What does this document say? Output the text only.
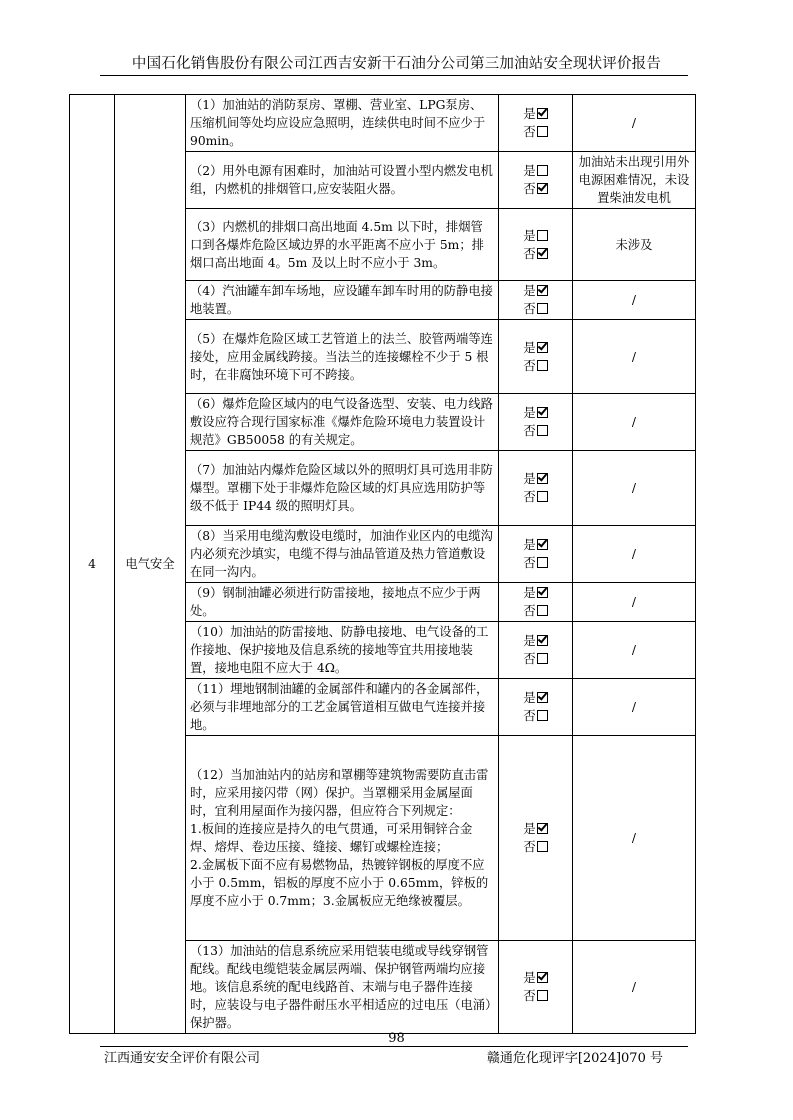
中国石化销售股份有限公司江西吉安新干石油分公司第三加油站安全现状评价报告
4	电气安全	（1）加油站的消防泵房、罩棚、营业室、LPG泵房、压缩机间等处均应设应急照明，连续供电时间不应少于 90min。	是
否	/
		（2）用外电源有困难时，加油站可设置小型内燃发电机组，内燃机的排烟管口,应安装阻火器。	是
否	加油站未出现引用外电源困难情况，未设置柴油发电机
		（3）内燃机的排烟口高出地面 4.5m 以下时，排烟管口到各爆炸危险区域边界的水平距离不应小于 5m；排烟口高出地面 4。5m 及以上时不应小于 3m。	是
否	未涉及
		（4）汽油罐车卸车场地，应设罐车卸车时用的防静电接地装置。	是
否	/
		（5）在爆炸危险区域工艺管道上的法兰、胶管两端等连接处，应用金属线跨接。当法兰的连接螺栓不少于 5 根时，在非腐蚀环境下可不跨接。	是
否	/
		（6）爆炸危险区域内的电气设备选型、安装、电力线路敷设应符合现行国家标准《爆炸危险环境电力装置设计规范》GB50058 的有关规定。	是
否	/
		（7）加油站内爆炸危险区域以外的照明灯具可选用非防爆型。罩棚下处于非爆炸危险区域的灯具应选用防护等级不低于 IP44 级的照明灯具。	是
否	/
		（8）当采用电缆沟敷设电缆时，加油作业区内的电缆沟内必须充沙填实，电缆不得与油品管道及热力管道敷设在同一沟内。	是
否	/
		（9）钢制油罐必须进行防雷接地，接地点不应少于两处。	是
否	/
		（10）加油站的防雷接地、防静电接地、电气设备的工作接地、保护接地及信息系统的接地等宜共用接地装置，接地电阻不应大于 4Ω。	是
否	/
		（11）埋地钢制油罐的金属部件和罐内的各金属部件，必须与非埋地部分的工艺金属管道相互做电气连接并接地。	是
否	/
		（12）当加油站内的站房和罩棚等建筑物需要防直击雷时，应采用接闪带（网）保护。当罩棚采用金属屋面时，宜利用屋面作为接闪器，但应符合下列规定：
1.板间的连接应是持久的电气贯通，可采用铜锌合金焊、熔焊、卷边压接、缝接、螺钉或螺栓连接；
2.金属板下面不应有易燃物品，热镀锌钢板的厚度不应小于 0.5mm，铝板的厚度不应小于 0.65mm，锌板的厚度不应小于 0.7mm；3.金属板应无绝缘被覆层。	是
否	/
		（13）加油站的信息系统应采用铠装电缆或导线穿钢管配线。配线电缆铠装金属层两端、保护钢管两端均应接地。该信息系统的配电线路首、末端与电子器件连接时，应装设与电子器件耐压水平相适应的过电压（电涌）保护器。	是
否	/
98
江西通安安全评价有限公司	赣通危化现评字[2024]070 号
